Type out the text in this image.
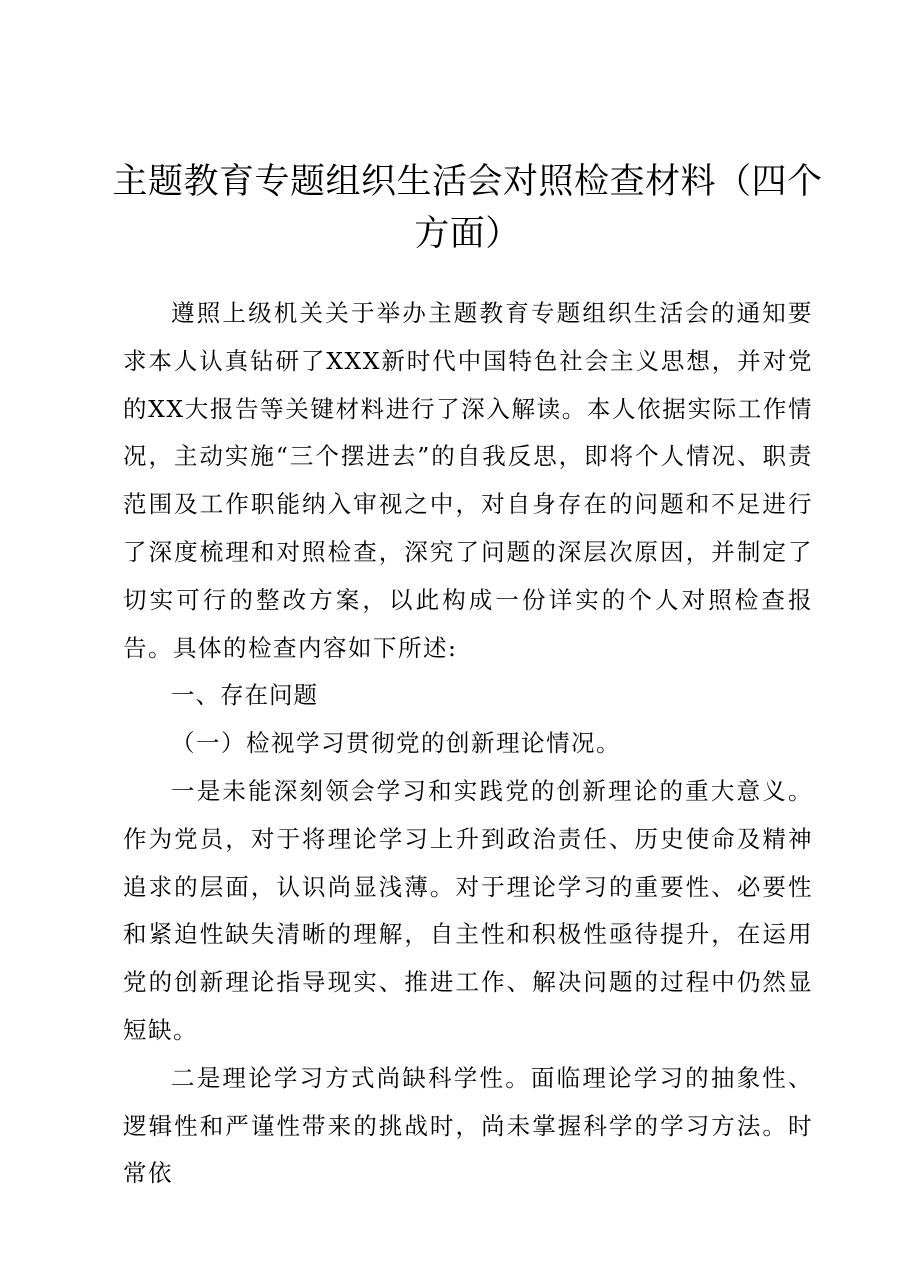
主题教育专题组织生活会对照检查材料（四个方面）

遵照上级机关关于举办主题教育专题组织生活会的通知要求本人认真钻研了XXX新时代中国特色社会主义思想，并对党的XX大报告等关键材料进行了深入解读。本人依据实际工作情况，主动实施“三个摆进去”的自我反思，即将个人情况、职责范围及工作职能纳入审视之中，对自身存在的问题和不足进行了深度梳理和对照检查，深究了问题的深层次原因，并制定了切实可行的整改方案，以此构成一份详实的个人对照检查报告。具体的检查内容如下所述:

一、存在问题

（一）检视学习贯彻党的创新理论情况。

一是未能深刻领会学习和实践党的创新理论的重大意义。作为党员，对于将理论学习上升到政治责任、历史使命及精神追求的层面，认识尚显浅薄。对于理论学习的重要性、必要性和紧迫性缺失清晰的理解，自主性和积极性亟待提升，在运用党的创新理论指导现实、推进工作、解决问题的过程中仍然显短缺。

二是理论学习方式尚缺科学性。面临理论学习的抽象性、逻辑性和严谨性带来的挑战时，尚未掌握科学的学习方法。时常依
